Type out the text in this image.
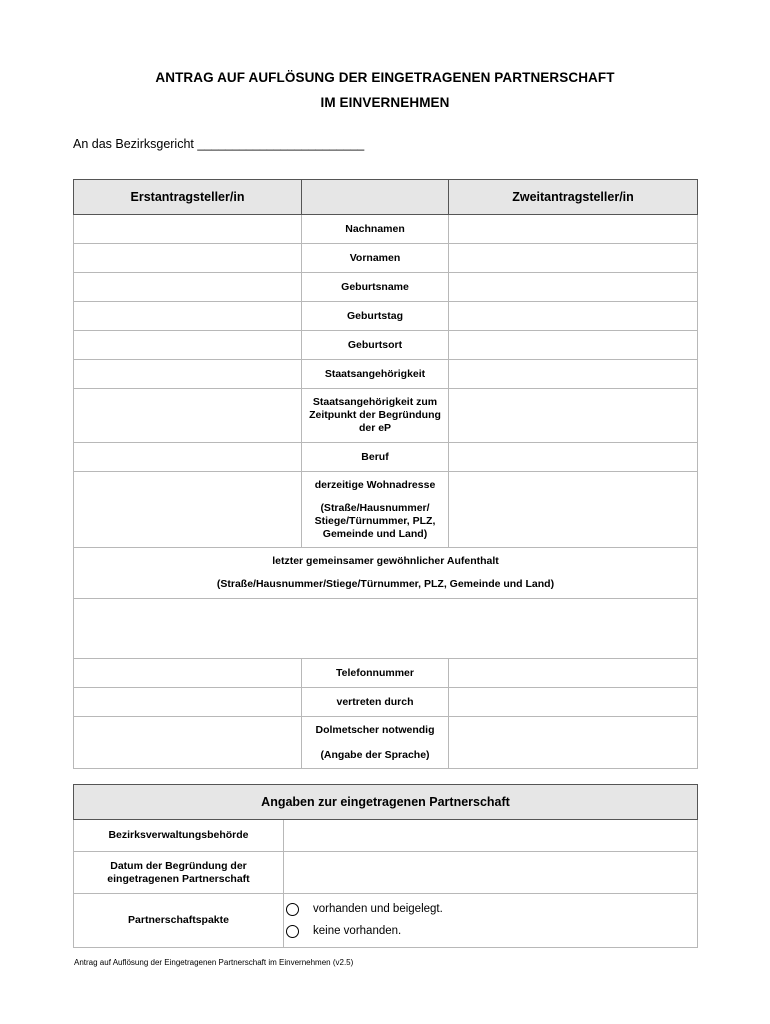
ANTRAG AUF AUFLÖSUNG DER EINGETRAGENEN PARTNERSCHAFT
IM EINVERNEHMEN
An das Bezirksgericht ________________________
Erstantragsteller/in		Zweitantragsteller/in
	Nachnamen	
	Vornamen	
	Geburtsname	
	Geburtstag	
	Geburtsort	
	Staatsangehörigkeit	
	Staatsangehörigkeit zum Zeitpunkt der Begründung der eP	
	Beruf	
	derzeitige Wohnadresse
(Straße/Hausnummer/ Stiege/Türnummer, PLZ, Gemeinde und Land)	

letzter gemeinsamer gewöhnlicher Aufenthalt
(Straße/Hausnummer/Stiege/Türnummer, PLZ, Gemeinde und Land)		

	Telefonnummer	
	vertreten durch	
	Dolmetscher notwendig
(Angabe der Sprache)	

Angaben zur eingetragenen Partnerschaft	
Bezirksverwaltungsbehörde	
Datum der Begründung der eingetragenen Partnerschaft	
Partnerschaftspakte	vorhanden und beigelegt.
keine vorhanden.
Antrag auf Auflösung der Eingetragenen Partnerschaft im Einvernehmen (v2.5)
